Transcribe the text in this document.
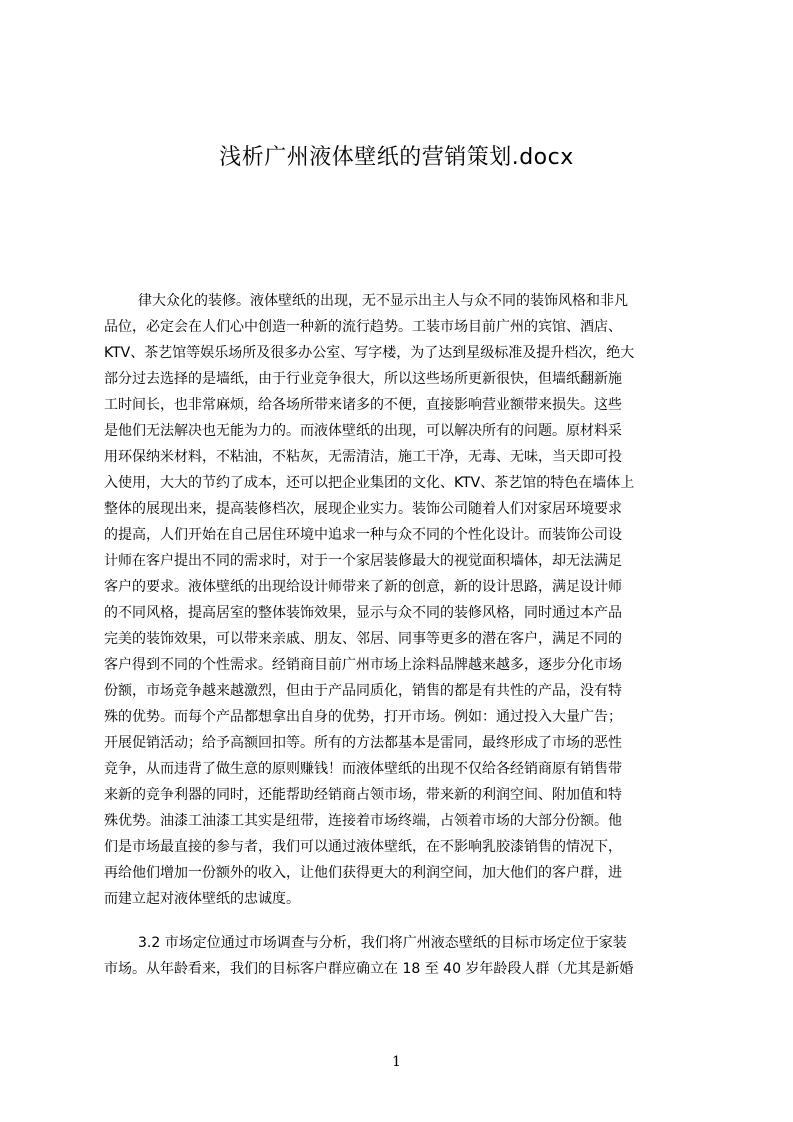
浅析广州液体壁纸的营销策划.docx
律大众化的装修。液体壁纸的出现，无不显示出主人与众不同的装饰风格和非凡
品位，必定会在人们心中创造一种新的流行趋势。工装市场目前广州的宾馆、酒店、
KTV、茶艺馆等娱乐场所及很多办公室、写字楼，为了达到星级标准及提升档次，绝大
部分过去选择的是墙纸，由于行业竞争很大，所以这些场所更新很快，但墙纸翻新施
工时间长，也非常麻烦，给各场所带来诸多的不便，直接影响营业额带来损失。这些
是他们无法解决也无能为力的。而液体壁纸的出现，可以解决所有的问题。原材料采
用环保纳米材料，不粘油，不粘灰，无需清洁，施工干净，无毒、无味，当天即可投
入使用，大大的节约了成本，还可以把企业集团的文化、KTV、茶艺馆的特色在墙体上
整体的展现出来，提高装修档次，展现企业实力。装饰公司随着人们对家居环境要求
的提高，人们开始在自己居住环境中追求一种与众不同的个性化设计。而装饰公司设
计师在客户提出不同的需求时，对于一个家居装修最大的视觉面积墙体，却无法满足
客户的要求。液体壁纸的出现给设计师带来了新的创意，新的设计思路，满足设计师
的不同风格，提高居室的整体装饰效果，显示与众不同的装修风格，同时通过本产品
完美的装饰效果，可以带来亲戚、朋友、邻居、同事等更多的潜在客户，满足不同的
客户得到不同的个性需求。经销商目前广州市场上涂料品牌越来越多，逐步分化市场
份额，市场竞争越来越激烈，但由于产品同质化，销售的都是有共性的产品，没有特
殊的优势。而每个产品都想拿出自身的优势，打开市场。例如：通过投入大量广告；
开展促销活动；给予高额回扣等。所有的方法都基本是雷同，最终形成了市场的恶性
竞争，从而违背了做生意的原则赚钱！而液体壁纸的出现不仅给各经销商原有销售带
来新的竞争利器的同时，还能帮助经销商占领市场，带来新的利润空间、附加值和特
殊优势。油漆工油漆工其实是纽带，连接着市场终端，占领着市场的大部分份额。他
们是市场最直接的参与者，我们可以通过液体壁纸，在不影响乳胶漆销售的情况下，
再给他们增加一份额外的收入，让他们获得更大的利润空间，加大他们的客户群，进
而建立起对液体壁纸的忠诚度。
3.2 市场定位通过市场调查与分析，我们将广州液态壁纸的目标市场定位于家装
市场。从年龄看来，我们的目标客户群应确立在 18 至 40 岁年龄段人群（尤其是新婚
1
